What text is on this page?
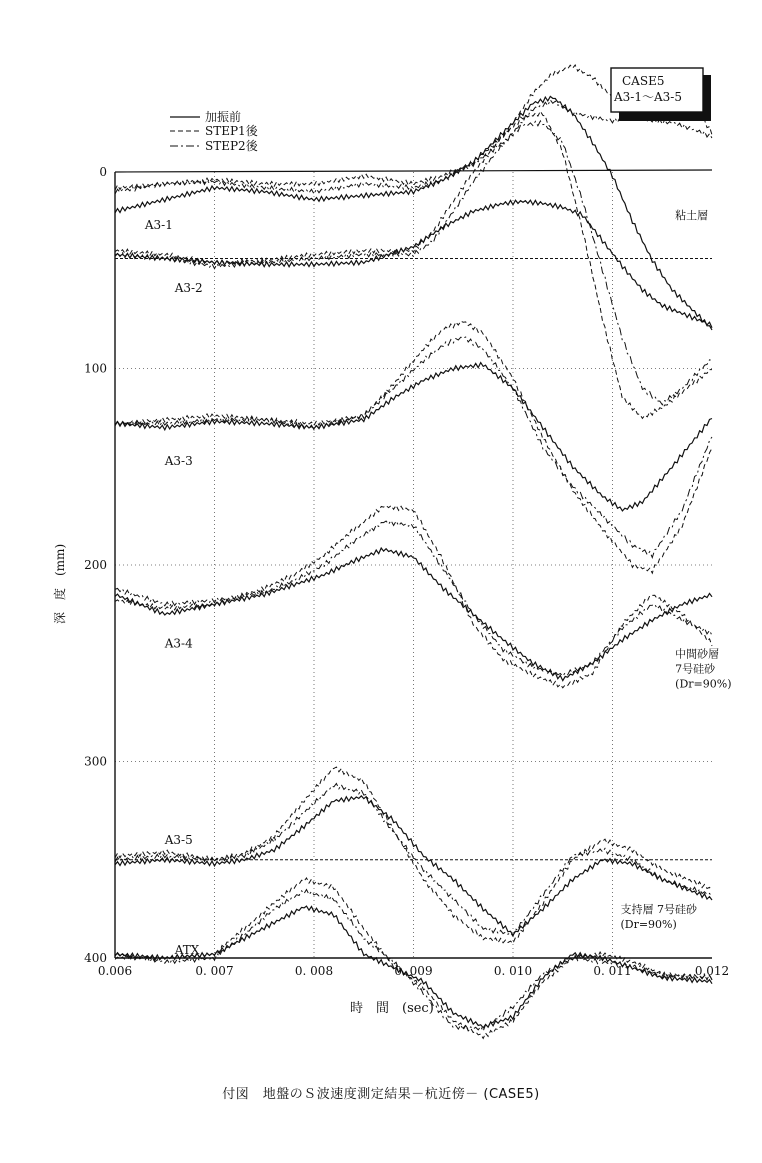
0.006	0. 007	0. 008	0. 009	0. 010	0. 011	0.012
0
100
200
300
400
A3-1
A3-2
A3-3
A3-4
A3-5
ATX
粘土層
中間砂層
7号硅砂
(Dr=90%)
支持層 7号硅砂
(Dr=90%)
加振前
STEP1後
STEP2後
CASE5
A3-1～A3-5
時　間　(sec)
深　度　(mm)
付図　地盤のＳ波速度測定結果－杭近傍－ (CASE5)
